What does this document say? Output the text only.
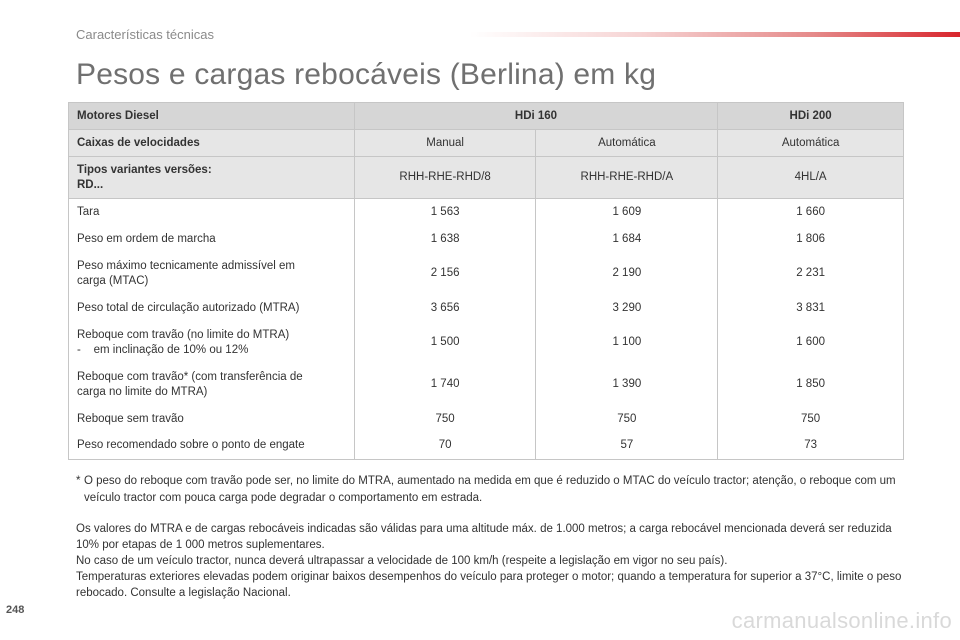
Características técnicas
Pesos e cargas rebocáveis (Berlina) em kg
Motores Diesel	HDi 160		HDi 200
Caixas de velocidades	Manual	Automática	Automática

Tipos variantes versões:
RD...	RHH-RHE-RHD/8	RHH-RHE-RHD/A	4HL/A
Tara	1 563	1 609	1 660
Peso em ordem de marcha	1 638	1 684	1 806

Peso máximo tecnicamente admissível em
carga (MTAC)	2 156	2 190	2 231
Peso total de circulação autorizado (MTRA)	3 656	3 290	3 831

Reboque com travão (no limite do MTRA)
-    em inclinação de 10% ou 12%	1 500	1 100	1 600

Reboque com travão* (com transferência de
carga no limite do MTRA)	1 740	1 390	1 850
Reboque sem travão	750	750	750
Peso recomendado sobre o ponto de engate	70	57	73
* O peso do reboque com travão pode ser, no limite do MTRA, aumentado na medida em que é reduzido o MTAC do veículo tractor; atenção, o reboque com um veículo tractor com pouca carga pode degradar o comportamento em estrada.

Os valores do MTRA e de cargas rebocáveis indicadas são válidas para uma altitude máx. de 1.000 metros; a carga rebocável mencionada deverá ser reduzida 10% por etapas de 1 000 metros suplementares.

No caso de um veículo tractor, nunca deverá ultrapassar a velocidade de 100 km/h (respeite a legislação em vigor no seu país).

Temperaturas exteriores elevadas podem originar baixos desempenhos do veículo para proteger o motor; quando a temperatura for superior a 37°C, limite o peso rebocado. Consulte a legislação Nacional.

248	carmanualsonline.info
